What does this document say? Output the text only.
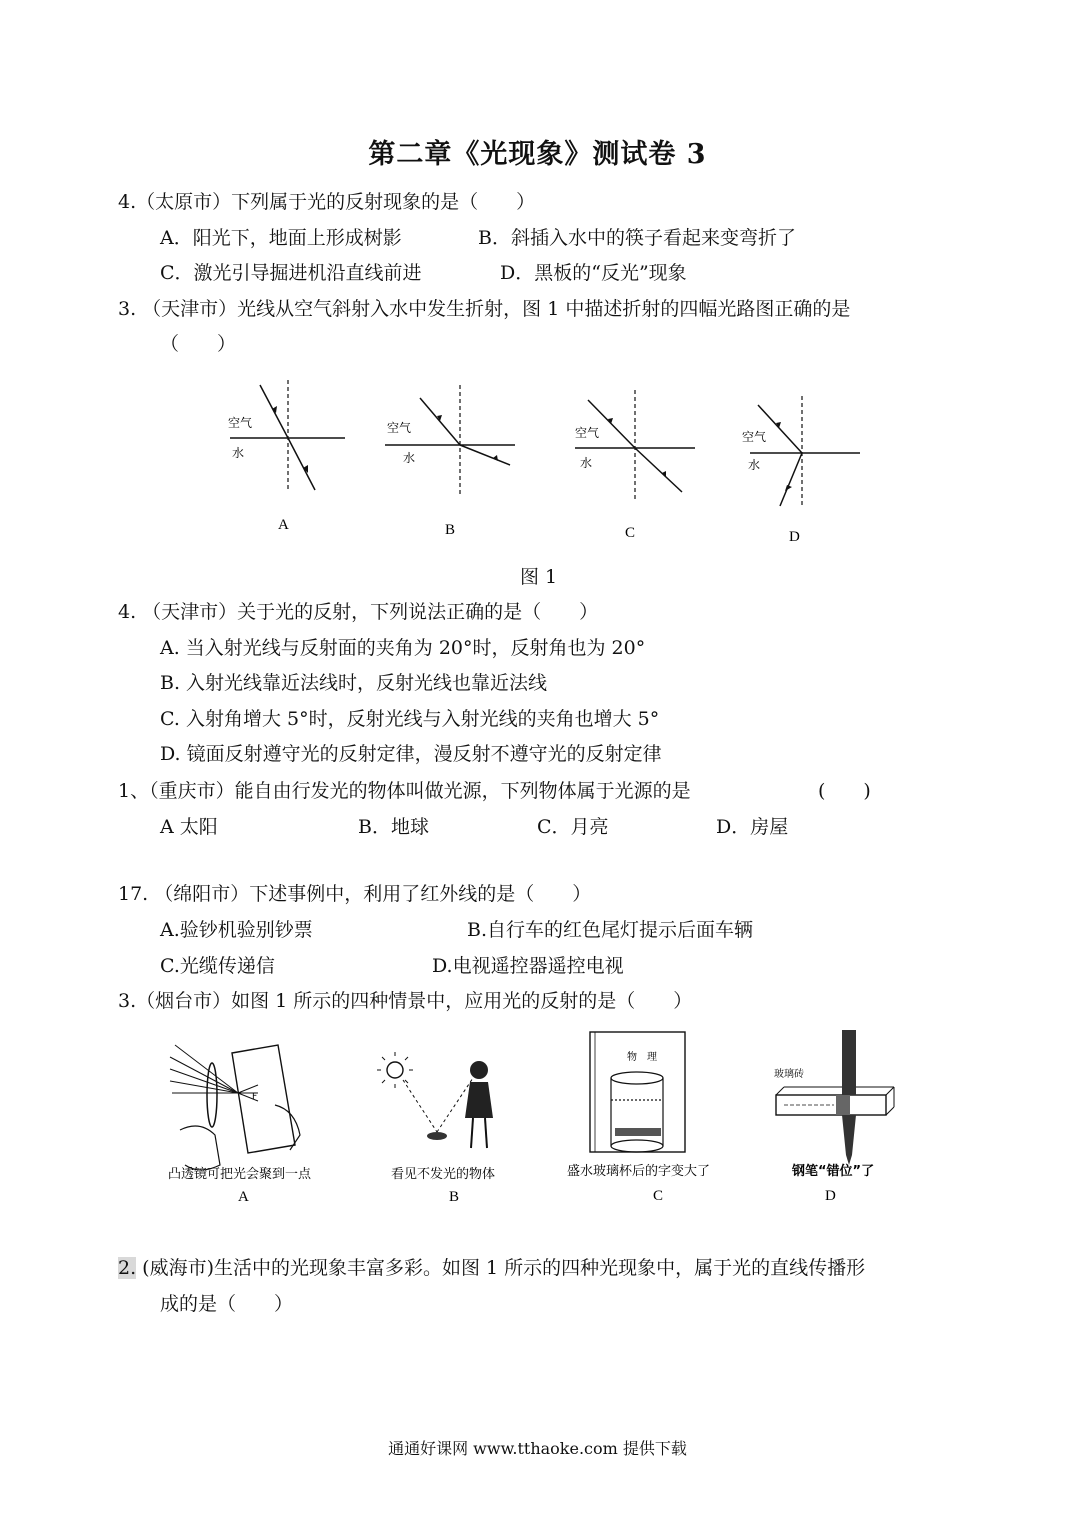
第二章《光现象》测试卷 3
4.（太原市）下列属于光的反射现象的是（　　）
A．阳光下，地面上形成树影	B．斜插入水中的筷子看起来变弯折了
C．激光引导掘进机沿直线前进	D．黑板的“反光”现象
3. （天津市）光线从空气斜射入水中发生折射，图 1 中描述折射的四幅光路图正确的是
（　　）
空气
水
A
空气
水
B
空气
水
C
空气
水
D
图 1
4. （天津市）关于光的反射，下列说法正确的是（　　）
A. 当入射光线与反射面的夹角为 20°时，反射角也为 20°
B. 入射光线靠近法线时，反射光线也靠近法线
C. 入射角增大 5°时，反射光线与入射光线的夹角也增大 5°
D. 镜面反射遵守光的反射定律，漫反射不遵守光的反射定律
1、（重庆市）能自由行发光的物体叫做光源，下列物体属于光源的是	(　　)
A 太阳	B．地球	C．月亮	D．房屋
17. （绵阳市）下述事例中，利用了红外线的是（　　）
A.验钞机验别钞票	B.自行车的红色尾灯提示后面车辆
C.光缆传递信	D.电视遥控器遥控电视
3.（烟台市）如图 1 所示的四种情景中，应用光的反射的是（　　）
F
凸透镜可把光会聚到一点
A
看见不发光的物体
B
物　理
盛水玻璃杯后的字变大了
C
玻璃砖
钢笔“错位”了
D
2. (威海市)生活中的光现象丰富多彩。如图 1 所示的四种光现象中，属于光的直线传播形
成的是（　　）
通通好课网 www.tthaoke.com 提供下载
